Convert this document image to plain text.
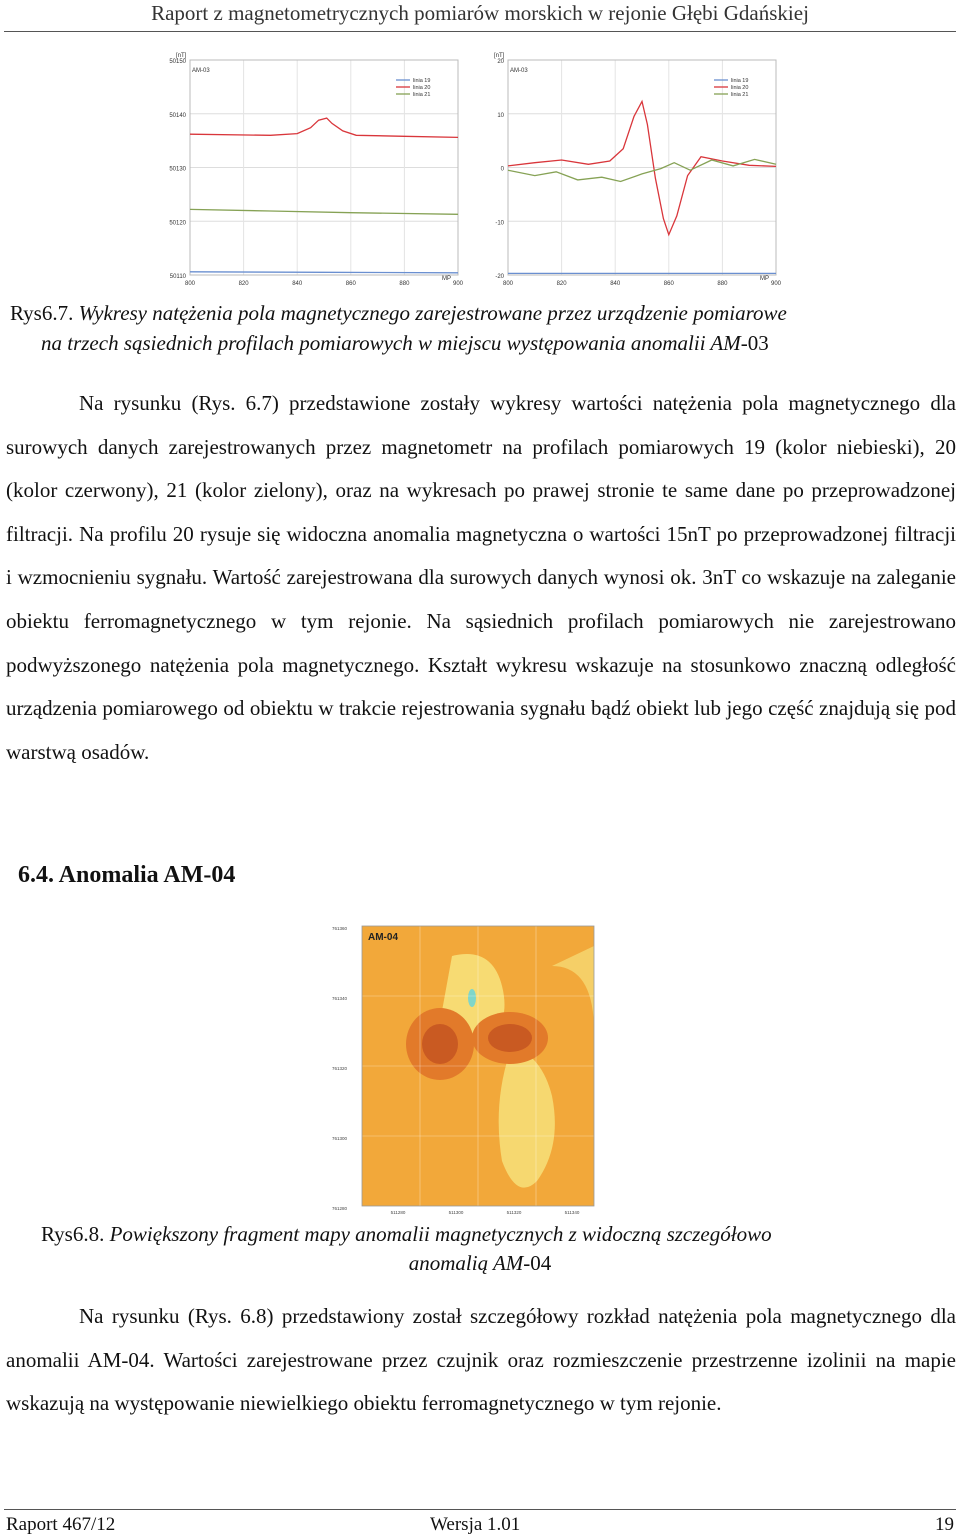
Raport z magnetometrycznych pomiarów morskich w rejonie Głębi Gdańskiej
50110
50120
50130
50140
50150
800	820	840	860	880	900
[nT]
AM-03
MP
linia 19
linia 20
linia 21
-20
-10
0
10
20
800	820	840	860	880	900
[nT]
AM-03
MP
linia 19
linia 20
linia 21
Rys6.7. Wykresy natężenia pola magnetycznego zarejestrowane przez urządzenie pomiarowe
na trzech sąsiednich profilach pomiarowych w miejscu występowania anomalii AM-03
Na rysunku (Rys. 6.7) przedstawione zostały wykresy wartości natężenia pola magnetycznego dla surowych danych zarejestrowanych przez magnetometr na profilach pomiarowych 19 (kolor niebieski), 20 (kolor czerwony), 21 (kolor zielony), oraz na wykresach po prawej stronie te same dane po przeprowadzonej filtracji. Na profilu 20 rysuje się widoczna anomalia magnetyczna o wartości 15nT po przeprowadzonej filtracji i wzmocnieniu sygnału. Wartość zarejestrowana dla surowych danych wynosi ok. 3nT co wskazuje na zaleganie obiektu ferromagnetycznego w tym rejonie. Na sąsiednich profilach pomiarowych nie zarejestrowano podwyższonego natężenia pola magnetycznego. Kształt wykresu wskazuje na stosunkowo znaczną odległość urządzenia pomiarowego od obiektu w trakcie rejestrowania sygnału bądź obiekt lub jego część znajdują się pod warstwą osadów.
6.4. Anomalia AM-04
AM-04
761360
761340
761320
761300
761280
511280	511300	511320	511340
Rys6.8. Powiększony fragment mapy anomalii magnetycznych z widoczną szczegółowo
anomalią AM-04
Na rysunku (Rys. 6.8) przedstawiony został szczegółowy rozkład natężenia pola magnetycznego dla anomalii AM-04. Wartości zarejestrowane przez czujnik oraz rozmieszczenie przestrzenne izolinii na mapie wskazują na występowanie niewielkiego obiektu ferromagnetycznego w tym rejonie.
Raport 467/12	Wersja 1.01	19
